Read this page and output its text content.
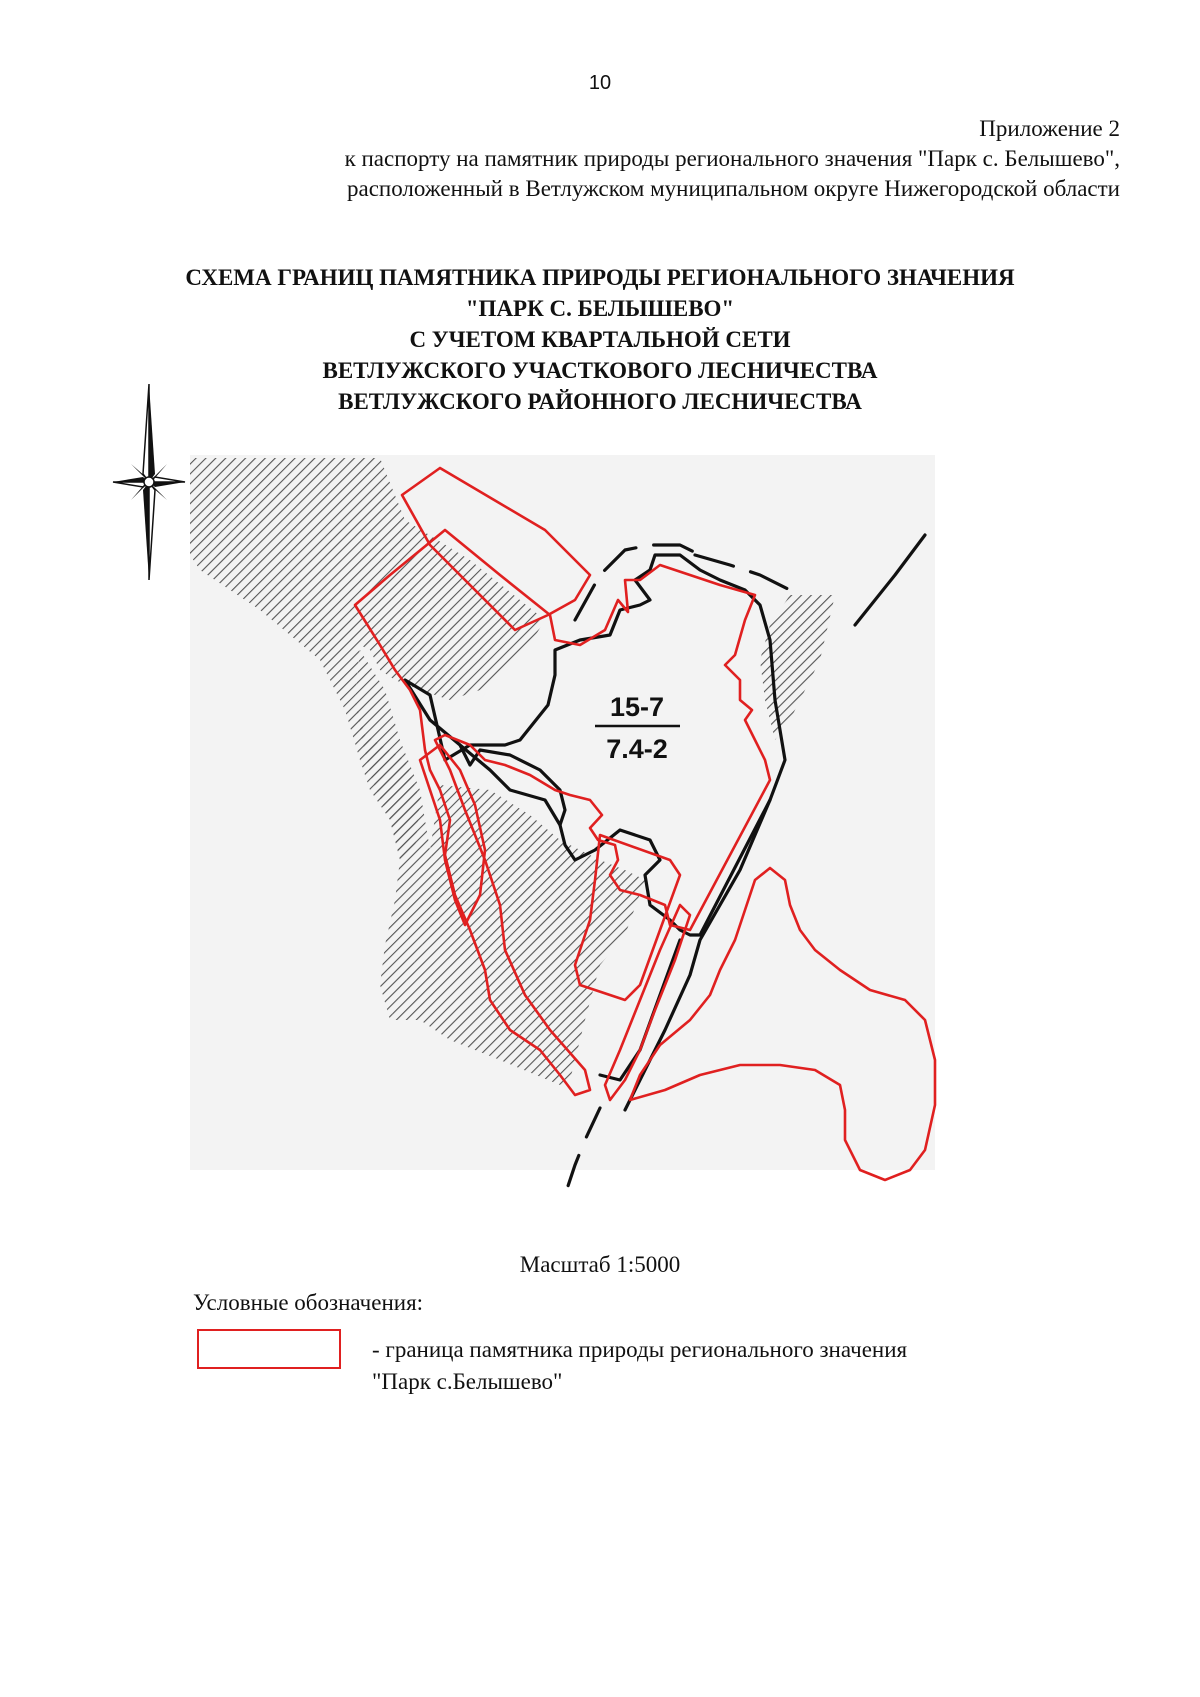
10
Приложение 2
к паспорту на памятник природы регионального значения "Парк с. Белышево",
расположенный в Ветлужском муниципальном округе Нижегородской области
СХЕМА ГРАНИЦ ПАМЯТНИКА ПРИРОДЫ РЕГИОНАЛЬНОГО ЗНАЧЕНИЯ
"ПАРК С. БЕЛЫШЕВО"
С УЧЕТОМ КВАРТАЛЬНОЙ СЕТИ
ВЕТЛУЖСКОГО УЧАСТКОВОГО ЛЕСНИЧЕСТВА
ВЕТЛУЖСКОГО РАЙОННОГО ЛЕСНИЧЕСТВА
15-7
7.4-2
Масштаб 1:5000
Условные обозначения:
- граница памятника природы регионального значения
"Парк с.Белышево"
